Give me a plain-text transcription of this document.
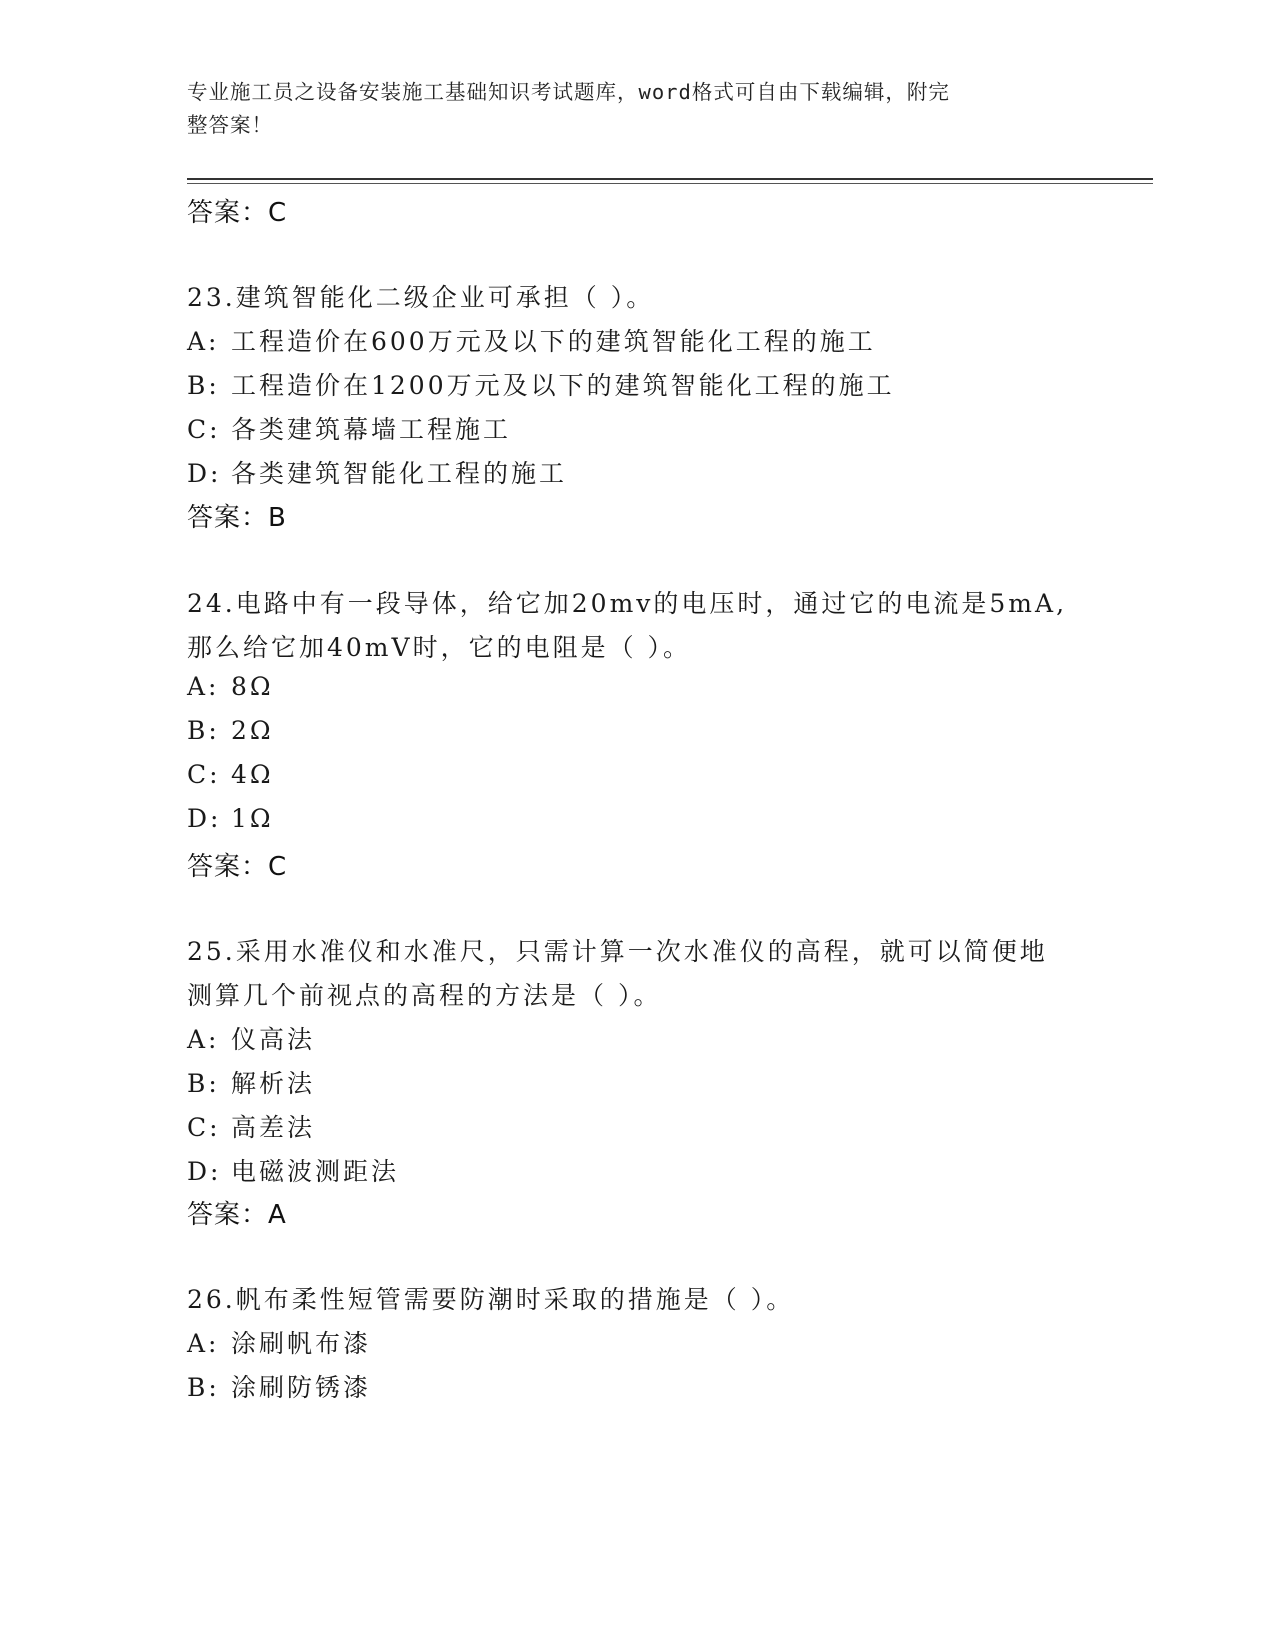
专业施工员之设备安装施工基础知识考试题库，word格式可自由下载编辑，附完
整答案！
答案：C
23.建筑智能化二级企业可承担（ ）。
A: 工程造价在600万元及以下的建筑智能化工程的施工
B: 工程造价在1200万元及以下的建筑智能化工程的施工
C: 各类建筑幕墙工程施工
D: 各类建筑智能化工程的施工
答案：B
24.电路中有一段导体，给它加20mv的电压时，通过它的电流是5mA,
那么给它加40mV时，它的电阻是（ ）。
A: 8Ω
B: 2Ω
C: 4Ω
D: 1Ω
答案：C
25.采用水准仪和水准尺，只需计算一次水准仪的高程，就可以简便地
测算几个前视点的高程的方法是（ ）。
A: 仪高法
B: 解析法
C: 高差法
D: 电磁波测距法
答案：A
26.帆布柔性短管需要防潮时采取的措施是（ ）。
A: 涂刷帆布漆
B: 涂刷防锈漆
